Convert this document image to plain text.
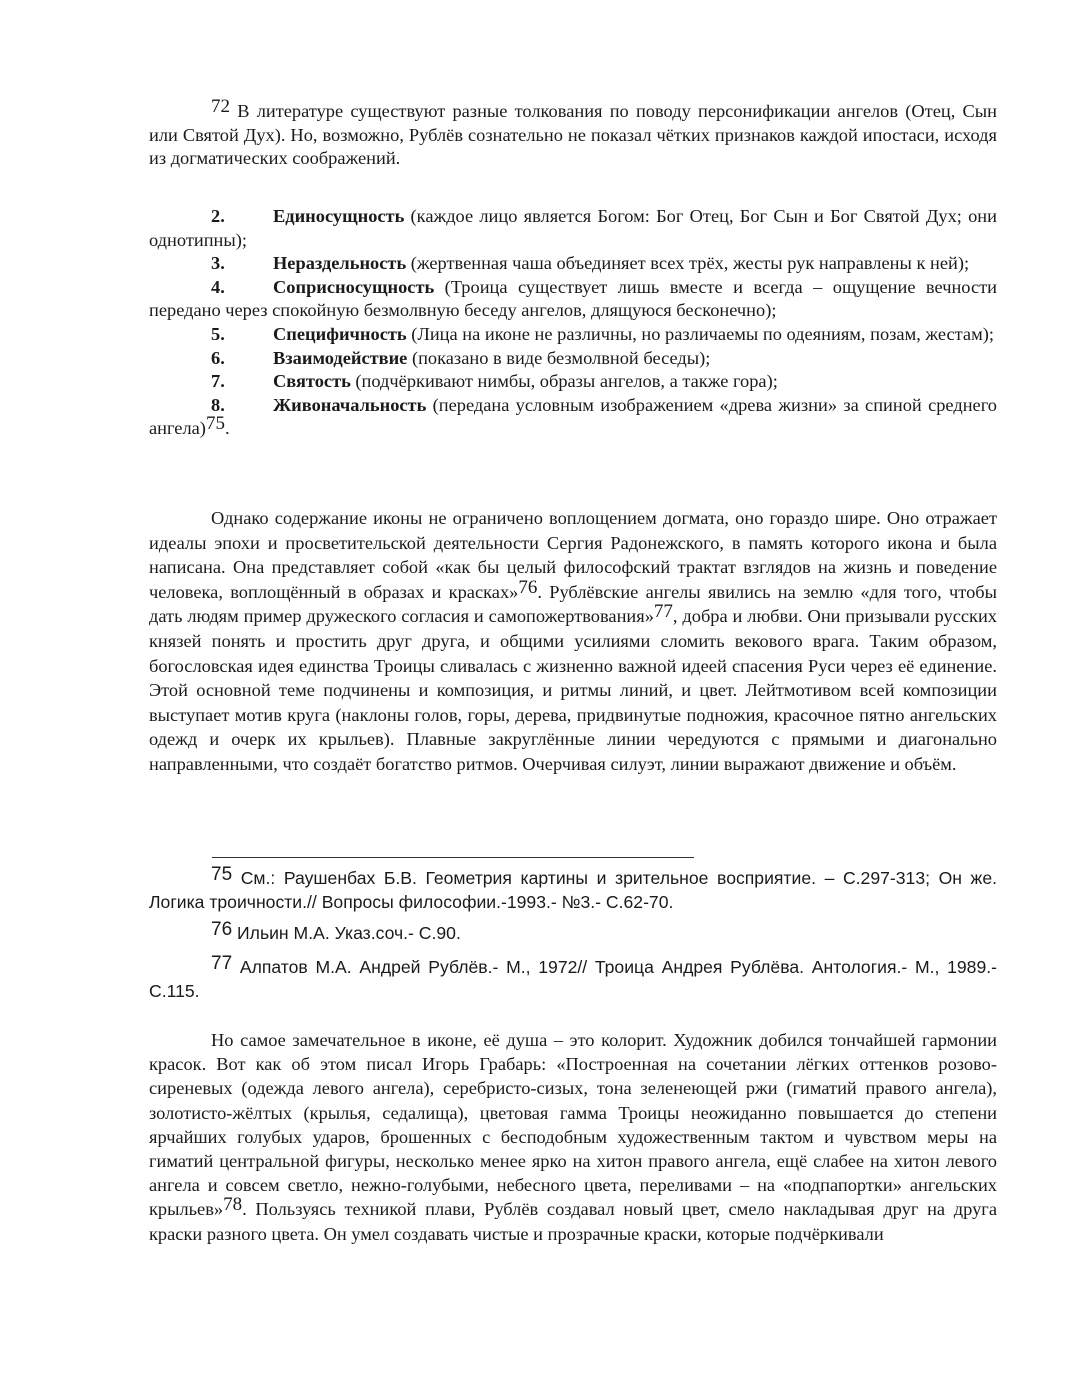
$^{72}$ В литературе существуют разные толкования по поводу персонификации ангелов (Отец, Сын или Святой Дух). Но, возможно, Рублёв сознательно не показал чётких признаков каждой ипостаси, исходя из догматических соображений.
2.	Единосущность (каждое лицо является Богом: Бог Отец, Бог Сын и Бог Святой Дух; они однотипны);
3.	Нераздельность (жертвенная чаша объединяет всех трёх, жесты рук направлены к ней);
4.	Соприсносущность (Троица существует лишь вместе и всегда – ощущение вечности передано через спокойную безмолвную беседу ангелов, длящуюся бесконечно);
5.	Специфичность (Лица на иконе не различны, но различаемы по одеяниям, позам, жестам);
6.	Взаимодействие (показано в виде безмолвной беседы);
7.	Святость (подчёркивают нимбы, образы ангелов, а также гора);
8.	Живоначальность (передана условным изображением «древа жизни» за спиной среднего ангела)$^{75}$.
Однако содержание иконы не ограничено воплощением догмата, оно гораздо шире. Оно отражает идеалы эпохи и просветительской деятельности Сергия Радонежского, в память которого икона и была написана. Она представляет собой «как бы целый философский трактат взглядов на жизнь и поведение человека, воплощённый в образах и красках»$^{76}$. Рублёвские ангелы явились на землю «для того, чтобы дать людям пример дружеского согласия и самопожертвования»$^{77}$, добра и любви. Они призывали русских князей понять и простить друг друга, и общими усилиями сломить векового врага. Таким образом, богословская идея единства Троицы сливалась с жизненно важной идеей спасения Руси через её единение. Этой основной теме подчинены и композиция, и ритмы линий, и цвет. Лейтмотивом всей композиции выступает мотив круга (наклоны голов, горы, дерева, придвинутые подножия, красочное пятно ангельских одежд и очерк их крыльев). Плавные закруглённые линии чередуются с прямыми и диагонально направленными, что создаёт богатство ритмов. Очерчивая силуэт, линии выражают движение и объём.
$^{75}$ См.: Раушенбах Б.В. Геометрия картины и зрительное восприятие. – С.297-313; Он же. Логика троичности.// Вопросы философии.-1993.- №3.- С.62-70.
$^{76}$ Ильин М.А. Указ.соч.- С.90.
$^{77}$ Алпатов М.А. Андрей Рублёв.- М., 1972// Троица Андрея Рублёва. Антология.- М., 1989.- С.115.
Но самое замечательное в иконе, её душа – это колорит. Художник добился тончайшей гармонии красок. Вот как об этом писал Игорь Грабарь: «Построенная на сочетании лёгких оттенков розово-сиреневых (одежда левого ангела), серебристо-сизых, тона зеленеющей ржи (гиматий правого ангела), золотисто-жёлтых (крылья, седалища), цветовая гамма Троицы неожиданно повышается до степени ярчайших голубых ударов, брошенных с бесподобным художественным тактом и чувством меры на гиматий центральной фигуры, несколько менее ярко на хитон правого ангела, ещё слабее на хитон левого ангела и совсем светло, нежно-голубыми, небесного цвета, переливами – на «подпапортки» ангельских крыльев»$^{78}$. Пользуясь техникой плави, Рублёв создавал новый цвет, смело накладывая друг на друга краски разного цвета. Он умел создавать чистые и прозрачные краски, которые подчёркивали
